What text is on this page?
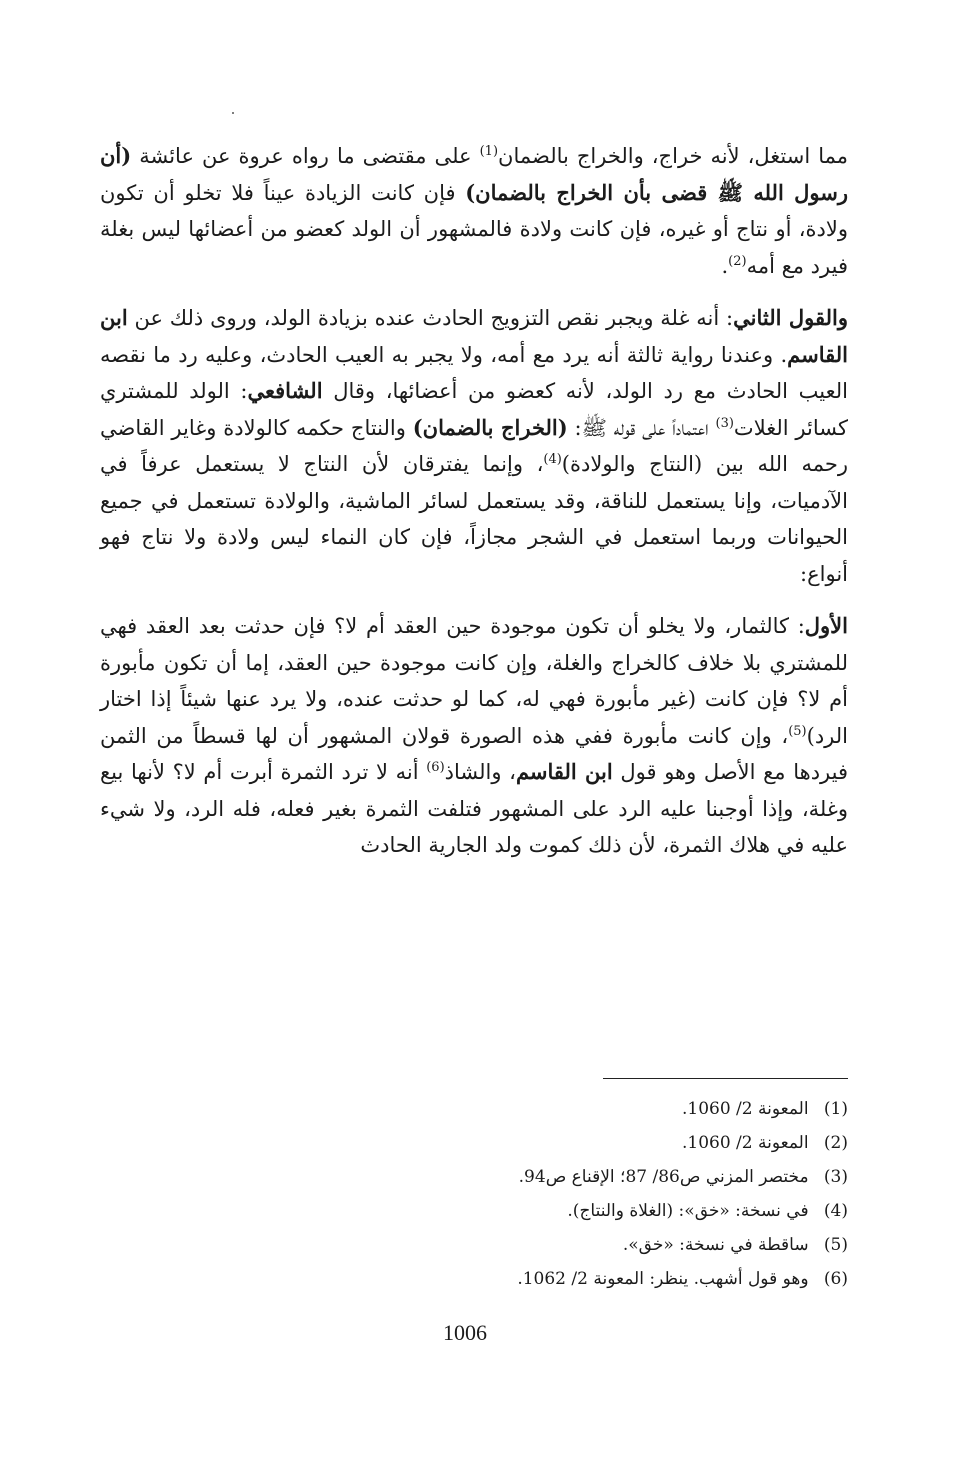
مما استغل، لأنه خراج، والخراج بالضمان$^{(1)}$ على مقتضى ما رواه عروة عن عائشة (أن رسول الله ﷺ قضى بأن الخراج بالضمان) فإن كانت الزيادة عيناً فلا تخلو أن تكون ولادة، أو نتاج أو غيره، فإن كانت ولادة فالمشهور أن الولد كعضو من أعضائها ليس بغلة فيرد مع أمه$^{(2)}$.

والقول الثاني: أنه غلة ويجبر نقص التزويج الحادث عنده بزيادة الولد، وروى ذلك عن ابن القاسم. وعندنا رواية ثالثة أنه يرد مع أمه، ولا يجبر به العيب الحادث، وعليه رد ما نقصه العيب الحادث مع رد الولد، لأنه كعضو من أعضائها، وقال الشافعي: الولد للمشتري كسائر الغلات$^{(3)}$ اعتماداً على قوله ﷺ: (الخراج بالضمان) والنتاج حكمه كالولادة وغاير القاضي رحمه الله بين (النتاج والولادة)$^{(4)}$، وإنما يفترقان لأن النتاج لا يستعمل عرفاً في الآدميات، وإنا يستعمل للناقة، وقد يستعمل لسائر الماشية، والولادة تستعمل في جميع الحيوانات وربما استعمل في الشجر مجازاً، فإن كان النماء ليس ولادة ولا نتاج فهو أنواع:

الأول: كالثمار، ولا يخلو أن تكون موجودة حين العقد أم لا؟ فإن حدثت بعد العقد فهي للمشتري بلا خلاف كالخراج والغلة، وإن كانت موجودة حين العقد، إما أن تكون مأبورة أم لا؟ فإن كانت (غير مأبورة فهي له، كما لو حدثت عنده، ولا يرد عنها شيئاً إذا اختار الرد)$^{(5)}$، وإن كانت مأبورة ففي هذه الصورة قولان المشهور أن لها قسطاً من الثمن فيردها مع الأصل وهو قول ابن القاسم، والشاذ$^{(6)}$ أنه لا ترد الثمرة أبرت أم لا؟ لأنها بيع وغلة، وإذا أوجبنا عليه الرد على المشهور فتلفت الثمرة بغير فعله، فله الرد، ولا شيء عليه في هلاك الثمرة، لأن ذلك كموت ولد الجارية الحادث

(1) المعونة 2/ 1060.
(2) المعونة 2/ 1060.
(3) مختصر المزني ص86/ 87؛ الإقناع ص94.
(4) في نسخة: «خق»: (الغلاة والنتاج).
(5) ساقطة في نسخة: «خق».
(6) وهو قول أشهب. ينظر: المعونة 2/ 1062.
1006
